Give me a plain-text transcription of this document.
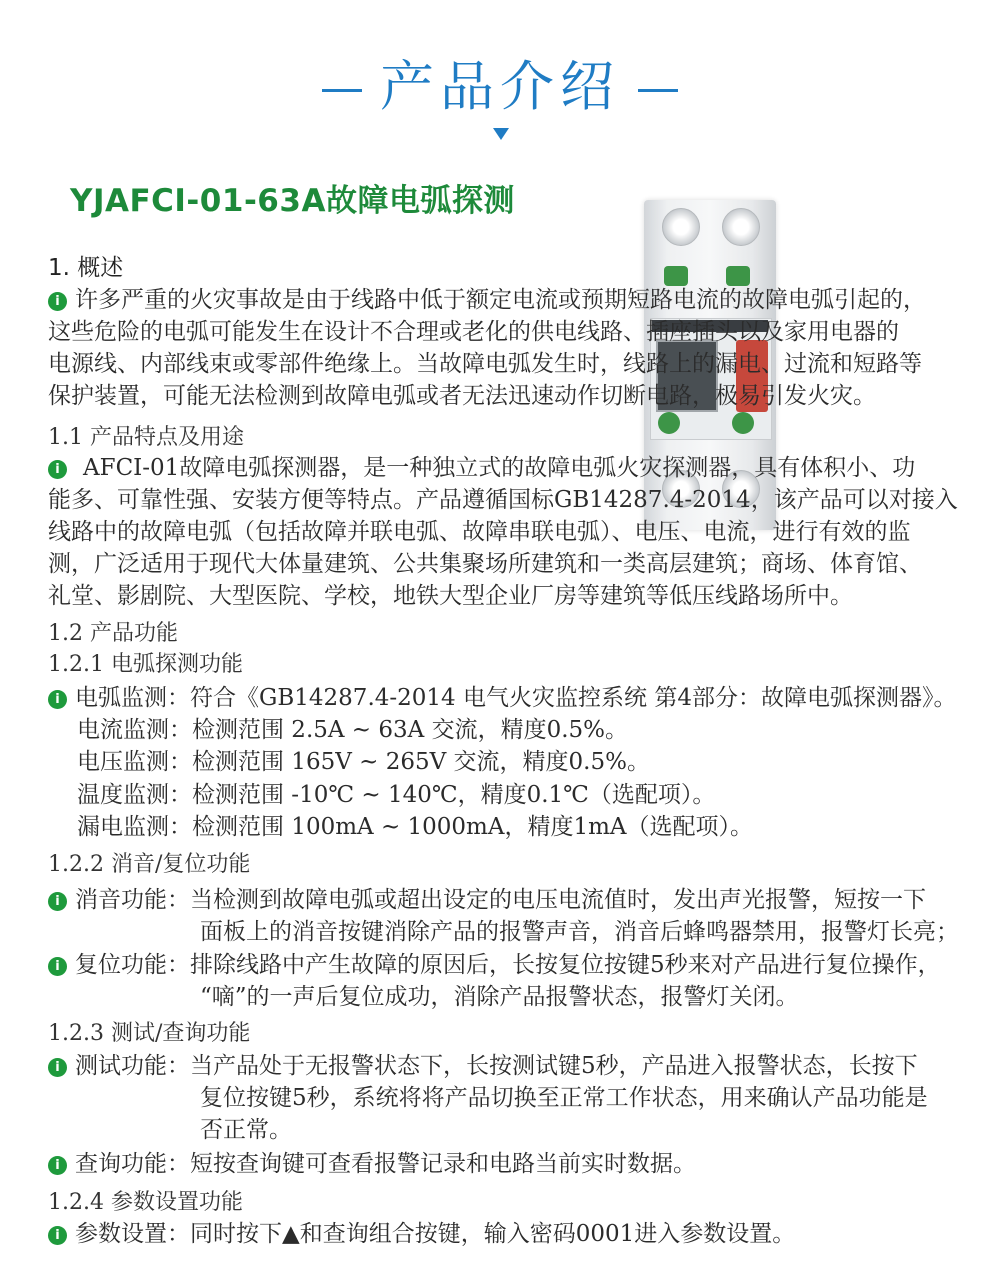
产品介绍
YJAFCI-01-63A故障电弧探测
1. 概述
i 许多严重的火灾事故是由于线路中低于额定电流或预期短路电流的故障电弧引起的，
这些危险的电弧可能发生在设计不合理或老化的供电线路、插座插头以及家用电器的
电源线、内部线束或零部件绝缘上。当故障电弧发生时，线路上的漏电、过流和短路等
保护装置，可能无法检测到故障电弧或者无法迅速动作切断电路，极易引发火灾。
1.1 产品特点及用途
i AFCI-01故障电弧探测器，是一种独立式的故障电弧火灾探测器，具有体积小、功
能多、可靠性强、安装方便等特点。产品遵循国标GB14287.4-2014，该产品可以对接入
线路中的故障电弧（包括故障并联电弧、故障串联电弧）、电压、电流，进行有效的监
测，广泛适用于现代大体量建筑、公共集聚场所建筑和一类高层建筑；商场、体育馆、
礼堂、影剧院、大型医院、学校，地铁大型企业厂房等建筑等低压线路场所中。
1.2 产品功能
1.2.1 电弧探测功能
i 电弧监测：符合《GB14287.4-2014 电气火灾监控系统 第4部分：故障电弧探测器》。
电流监测：检测范围 2.5A ~ 63A 交流，精度0.5%。
电压监测：检测范围 165V ~ 265V 交流，精度0.5%。
温度监测：检测范围 -10℃ ~ 140℃，精度0.1℃（选配项）。
漏电监测：检测范围 100mA ~ 1000mA，精度1mA（选配项）。
1.2.2 消音/复位功能
i 消音功能：当检测到故障电弧或超出设定的电压电流值时，发出声光报警，短按一下
面板上的消音按键消除产品的报警声音，消音后蜂鸣器禁用，报警灯长亮；
i 复位功能：排除线路中产生故障的原因后，长按复位按键5秒来对产品进行复位操作，
“嘀”的一声后复位成功，消除产品报警状态，报警灯关闭。
1.2.3 测试/查询功能
i 测试功能：当产品处于无报警状态下，长按测试键5秒，产品进入报警状态，长按下
复位按键5秒，系统将将产品切换至正常工作状态，用来确认产品功能是
否正常。
i 查询功能：短按查询键可查看报警记录和电路当前实时数据。
1.2.4 参数设置功能
i 参数设置：同时按下▲和查询组合按键，输入密码0001进入参数设置。
